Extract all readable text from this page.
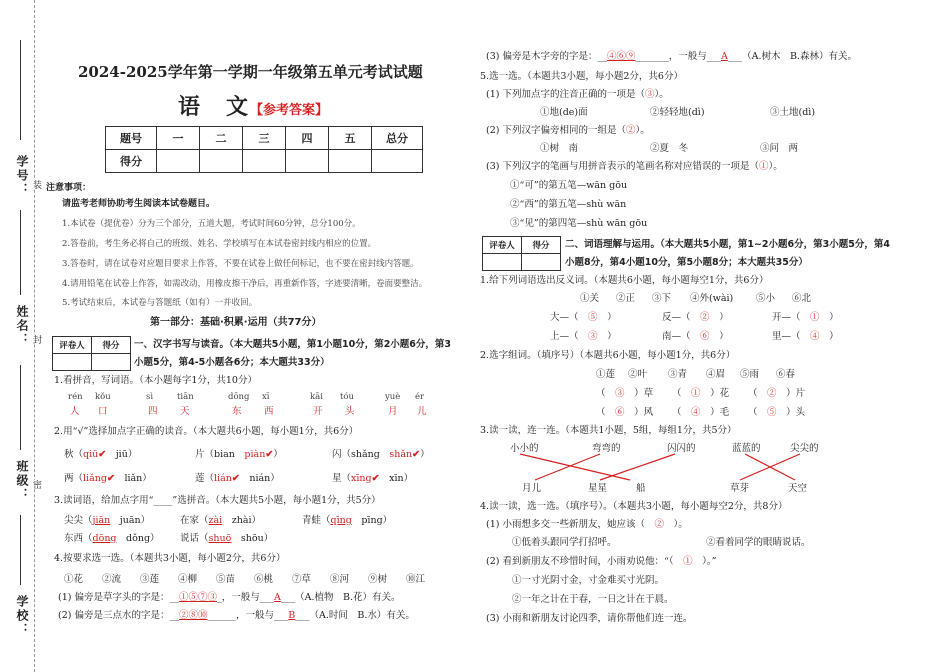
学号： 装
姓名： 封
班级： 密
学校：
2024-2025学年第一学期一年级第五单元考试试题
语　文【参考答案】
题号	一	二	三	四	五	总分
得分						
注意事项：
请监考老师协助考生阅读本试卷题目。
1.本试卷（提优卷）分为三个部分，五道大题，考试时间60分钟，总分100分。
2.答卷前，考生务必将自己的班级、姓名、学校填写在本试卷密封线内相应的位置。
3.答卷时，请在试卷对应题目要求上作答，不要在试卷上做任何标记，也不要在密封线内答题。
4.请用铅笔在试卷上作答，如需改动，用橡皮擦干净后，再重新作答，字迹要清晰，卷面要整洁。
5.考试结束后，本试卷与答题纸（如有）一并收回。
第一部分：基础·积累·运用（共77分）
评卷人	得分
	一、汉字书写与读音。（本大题共5小题，第1小题10分，第2小题6分，第3
小题5分，第4-5小题各6分；本大题共33分）
1.看拼音，写词语。（本小题每字1分，共10分）
rén kǒu	sì	tiān	dōng xī	kāi tóu	yuè ér
人 口	四 天	东 西	开 头	月 儿
2.用“√”选择加点字正确的读音。（本大题共6小题，每小题1分，共6分）
秋（qiū✔　jiū）	片（bian　piàn✔）	闪（shǎng　shǎn✔）
两（liǎng✔　liǎn）	莲（lián✔　nián）	星（xīng✔　xīn）
3.读词语，给加点字用“____”选拼音。（本大题共5小题，每小题1分，共5分）
尖尖（jiān　juān）	在家（zài　zhài）	青蛙（qīng　pīng）
东西（dōng　dǒng） 说话（shuō　shōu）
4.按要求选一选。（本题共3小题，每小题2分，共6分）
①花 ②流 ③莲 ④柳 ⑤苗 ⑥桃 ⑦草 ⑧河 ⑨树 ⑩江
(1) 偏旁是草字头的字是：__①⑤⑦③_，一般与___A___（A.植物　B.花）有关。
(2) 偏旁是三点水的字是：__②⑧⑩______，一般与___B___（A.时间　B.水）有关。
(3) 偏旁是木字旁的字是：__④⑥⑨_______，一般与___A___（A.树木　B.森林）有关。
5.选一选。（本题共3小题，每小题2分，共6分）
(1) 下列加点字的注音正确的一项是（③）。
①地(de)面	②轻轻地(dì)	③土地(dì)
(2) 下列汉字偏旁相同的一组是（②）。
①树　南	②夏　冬	③问　两
(3) 下列汉字的笔画与用拼音表示的笔画名称对应错误的一项是（①）。
①“可”的第五笔—wān gōu
②“西”的第五笔—shù wān
③“见”的第四笔—shù wān gōu
评卷人	得分
	二、词语理解与运用。（本大题共5小题，第1~2小题6分，第3小题5分，第4
小题8分，第4小题10分，第5小题8分；本大题共35分）
1.给下列词语选出反义词。（本题共6小题，每小题每空1分，共6分）
①关 ②正 ③下 ④外(wài) ⑤小 ⑥北
大—（　 ⑤　 ）	反—（　 ②　 ）	开—（　 ①　 ）
上—（　 ③　 ）	南—（　 ⑥　 ）	里—（　 ④　 ）
2.选字组词。（填序号）（本题共6小题，每小题1分，共6分）
①莲 ②叶 ③青 ④眉 ⑤雨 ⑥春
（　 ③　 ）草 （　 ①　 ）花 （　 ②　 ）片
（　 ⑥　 ）风 （　 ④　 ）毛 （　 ⑤　 ）头
3.读一读，连一连。（本题共1小题，5组，每组1分，共5分）
小小的	弯弯的	闪闪的	蓝蓝的	尖尖的
月儿	星星	船	草芽	天空
4.读一读，选一选。（填序号）。（本题共3小题，每小题每空2分，共8分）
(1) 小雨想多交一些新朋友，她应该（　 ②　 ）。
①低着头跟同学打招呼。	②看着同学的眼睛说话。
(2) 看到新朋友不珍惜时间，小雨劝说他：“（　 ①　 ）。”
①一寸光阴寸金，寸金难买寸光阴。
②一年之计在于春，一日之计在于晨。
(3) 小雨和新朋友讨论四季，请你帮他们连一连。
